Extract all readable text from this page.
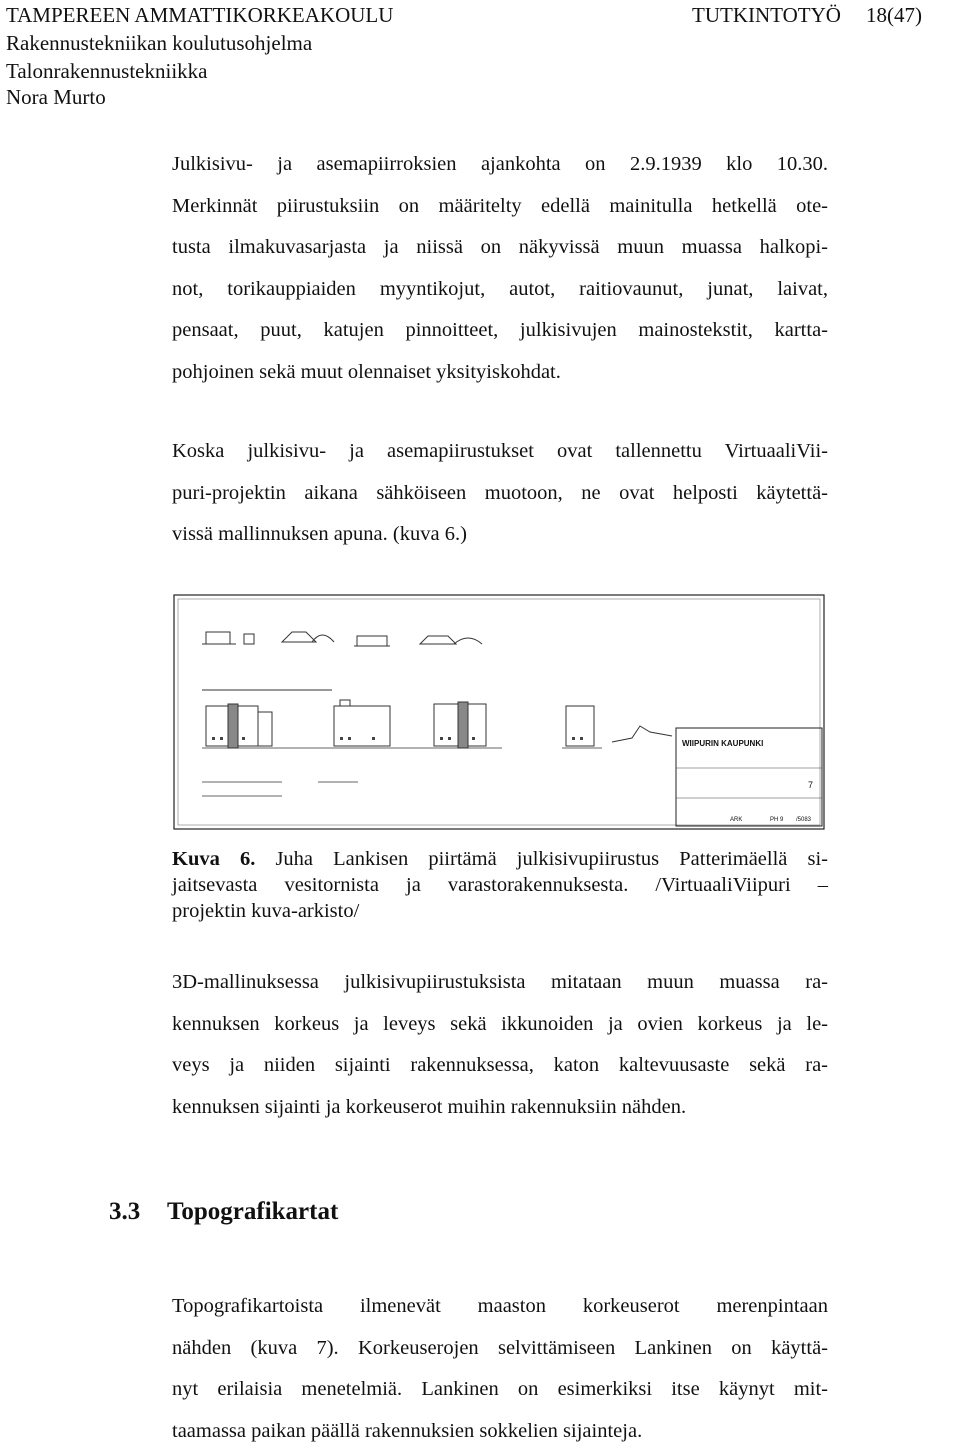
TAMPEREEN AMMATTIKORKEAKOULU	TUTKINTOTYÖ 18(47)
Rakennustekniikan koulutusohjelma
Talonrakennustekniikka
Nora Murto
Julkisivu- ja asemapiirroksien ajankohta on 2.9.1939 klo 10.30.
Merkinnät piirustuksiin on määritelty edellä mainitulla hetkellä ote-
tusta ilmakuvasarjasta ja niissä on näkyvissä muun muassa halkopi-
not, torikauppiaiden myyntikojut, autot, raitiovaunut, junat, laivat,
pensaat, puut, katujen pinnoitteet, julkisivujen mainostekstit, kartta-
pohjoinen sekä muut olennaiset yksityiskohdat.
Koska julkisivu- ja asemapiirustukset ovat tallennettu VirtuaaliVii-
puri-projektin aikana sähköiseen muotoon, ne ovat helposti käytettä-
vissä mallinnuksen apuna. (kuva 6.)
WIIPURIN KAUPUNKI
7
ARK	PH 9 /5083
Kuva 6. Juha Lankisen piirtämä julkisivupiirustus Patterimäellä si-
jaitsevasta vesitornista ja varastorakennuksesta. /VirtuaaliViipuri –
projektin kuva-arkisto/
3D-mallinuksessa julkisivupiirustuksista mitataan muun muassa ra-
kennuksen korkeus ja leveys sekä ikkunoiden ja ovien korkeus ja le-
veys ja niiden sijainti rakennuksessa, katon kaltevuusaste sekä ra-
kennuksen sijainti ja korkeuserot muihin rakennuksiin nähden.
3.3 Topografikartat
Topografikartoista ilmenevät maaston korkeuserot merenpintaan
nähden (kuva 7). Korkeuserojen selvittämiseen Lankinen on käyttä-
nyt erilaisia menetelmiä. Lankinen on esimerkiksi itse käynyt mit-
taamassa paikan päällä rakennuksien sokkelien sijainteja.
